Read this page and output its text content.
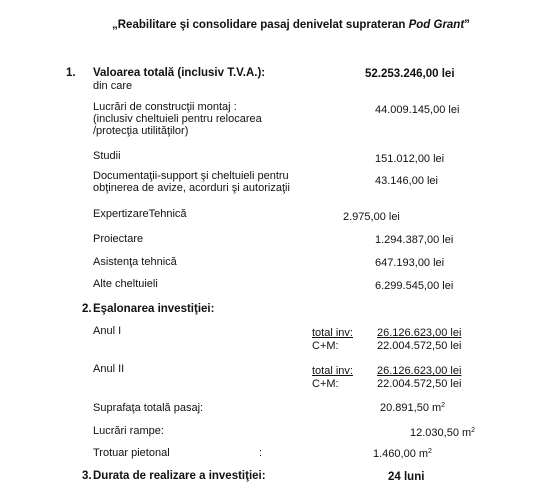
„Reabilitare şi consolidare pasaj denivelat suprateran Pod Grant”
1. Valoarea totală (inclusiv T.V.A.):	52.253.246,00 lei
din care
Lucrări de construcţii montaj :
(inclusiv cheltuieli pentru relocarea
/protecţia utilităţilor)
44.009.145,00 lei
Studii	151.012,00 lei
Documentaţii-support şi cheltuieli pentru
obţinerea de avize, acorduri şi autorizaţii
43.146,00 lei
ExpertizareTehnică	2.975,00 lei
Proiectare	1.294.387,00 lei
Asistenţa tehnică	647.193,00 lei
Alte cheltuieli	6.299.545,00 lei
2. Eşalonarea investiţiei:
Anul I	total inv: 26.126.623,00 lei
C+M:	22.004.572,50 lei
Anul II	total inv: 26.126.623,00 lei
C+M:	22.004.572,50 lei
Suprafaţa totală pasaj:	20.891,50 $m^2$
Lucrări rampe:	12.030,50 $m^2$
Trotuar pietonal	:	1.460,00 $m^2$
3. Durata de realizare a investiţiei:	24 luni
